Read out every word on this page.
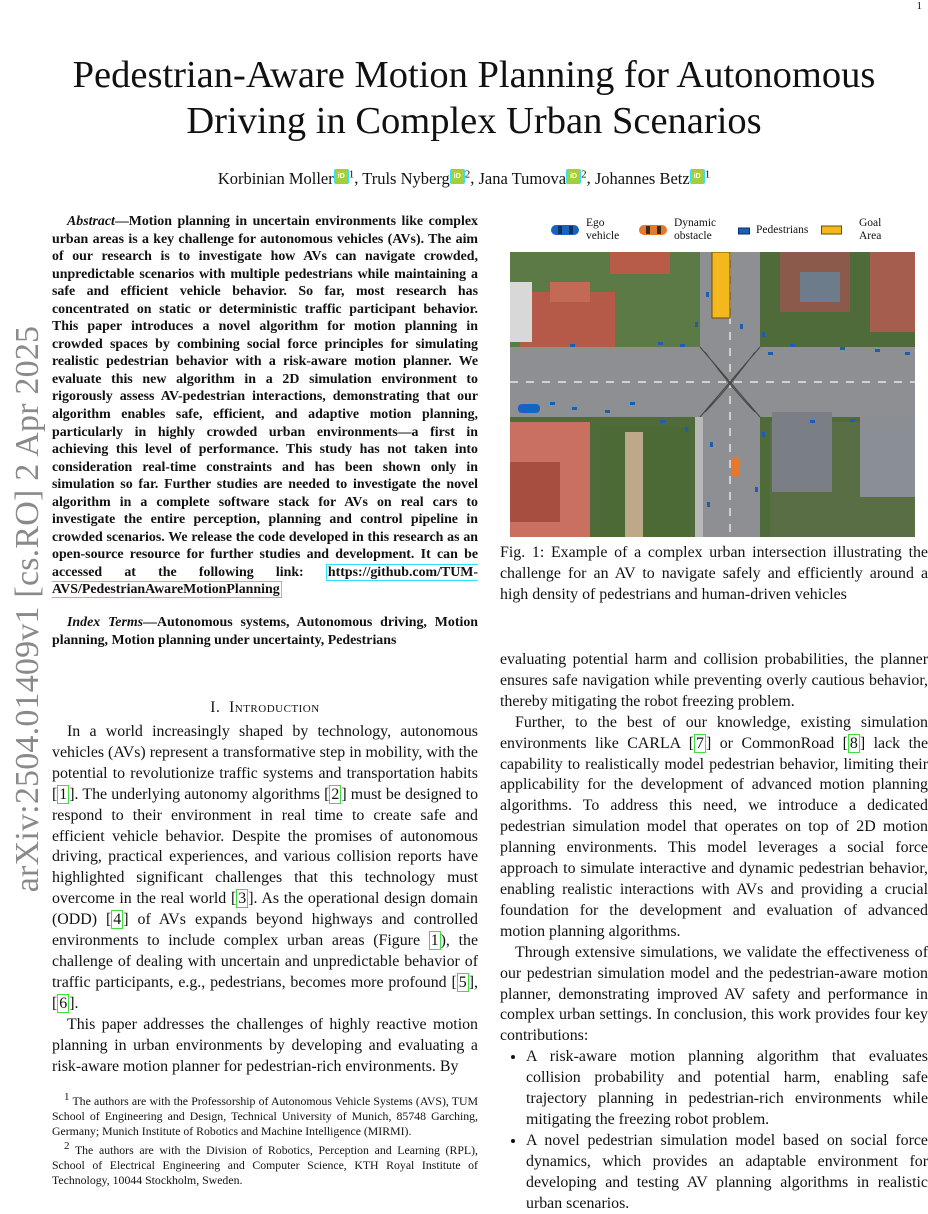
1
arXiv:2504.01409v1 [cs.RO] 2 Apr 2025
Pedestrian-Aware Motion Planning for Autonomous Driving in Complex Urban Scenarios
Korbinian Moller iD $^1$, Truls Nyberg iD $^2$, Jana Tumova iD $^2$, Johannes Betz iD $^1$
Abstract—Motion planning in uncertain environments like complex urban areas is a key challenge for autonomous vehicles (AVs). The aim of our research is to investigate how AVs can navigate crowded, unpredictable scenarios with multiple pedestrians while maintaining a safe and efficient vehicle behavior. So far, most research has concentrated on static or deterministic traffic participant behavior. This paper introduces a novel algorithm for motion planning in crowded spaces by combining social force principles for simulating realistic pedestrian behavior with a risk-aware motion planner. We evaluate this new algorithm in a 2D simulation environment to rigorously assess AV-pedestrian interactions, demonstrating that our algorithm enables safe, efficient, and adaptive motion planning, particularly in highly crowded urban environments—a first in achieving this level of performance. This study has not taken into consideration real-time constraints and has been shown only in simulation so far. Further studies are needed to investigate the novel algorithm in a complete software stack for AVs on real cars to investigate the entire perception, planning and control pipeline in crowded scenarios. We release the code developed in this research as an open-source resource for further studies and development. It can be accessed at the following link: https://github.com/TUM-AVS/PedestrianAwareMotionPlanning
Index Terms—Autonomous systems, Autonomous driving, Motion planning, Motion planning under uncertainty, Pedestrians
I. Introduction

In a world increasingly shaped by technology, autonomous vehicles (AVs) represent a transformative step in mobility, with the potential to revolutionize traffic systems and transportation habits [ 1 ]. The underlying autonomy algorithms [ 2 ] must be designed to respond to their environment in real time to create safe and efficient vehicle behavior. Despite the promises of autonomous driving, practical experiences, and various collision reports have highlighted significant challenges that this technology must overcome in the real world [ 3 ]. As the operational design domain (ODD) [ 4 ] of AVs expands beyond highways and controlled environments to include complex urban areas (Figure 1 ), the challenge of dealing with uncertain and unpredictable behavior of traffic participants, e.g., pedestrians, becomes more profound [ 5 ], [ 6 ].

This paper addresses the challenges of highly reactive motion planning in urban environments by developing and evaluating a risk-aware motion planner for pedestrian-rich environments. By

$^1$ The authors are with the Professorship of Autonomous Vehicle Systems (AVS), TUM School of Engineering and Design, Technical University of Munich, 85748 Garching, Germany; Munich Institute of Robotics and Machine Intelligence (MIRMI).

$^2$ The authors are with the Division of Robotics, Perception and Learning (RPL), School of Electrical Engineering and Computer Science, KTH Royal Institute of Technology, 10044 Stockholm, Sweden.

Ego
vehicle
Dynamic
obstacle	Pedestrians
Goal
Area
Fig. 1: Example of a complex urban intersection illustrating the challenge for an AV to navigate safely and efficiently around a high density of pedestrians and human-driven vehicles

evaluating potential harm and collision probabilities, the planner ensures safe navigation while preventing overly cautious behavior, thereby mitigating the robot freezing problem.

Further, to the best of our knowledge, existing simulation environments like CARLA [ 7 ] or CommonRoad [ 8 ] lack the capability to realistically model pedestrian behavior, limiting their applicability for the development of advanced motion planning algorithms. To address this need, we introduce a dedicated pedestrian simulation model that operates on top of 2D motion planning environments. This model leverages a social force approach to simulate interactive and dynamic pedestrian behavior, enabling realistic interactions with AVs and providing a crucial foundation for the development and evaluation of advanced motion planning algorithms.

Through extensive simulations, we validate the effectiveness of our pedestrian simulation model and the pedestrian-aware motion planner, demonstrating improved AV safety and performance in complex urban settings. In conclusion, this work provides four key contributions:

• A risk-aware motion planning algorithm that evaluates collision probability and potential harm, enabling safe trajectory planning in pedestrian-rich environments while mitigating the freezing robot problem.
• A novel pedestrian simulation model based on social force dynamics, which provides an adaptable environment for developing and testing AV planning algorithms in realistic urban scenarios.
